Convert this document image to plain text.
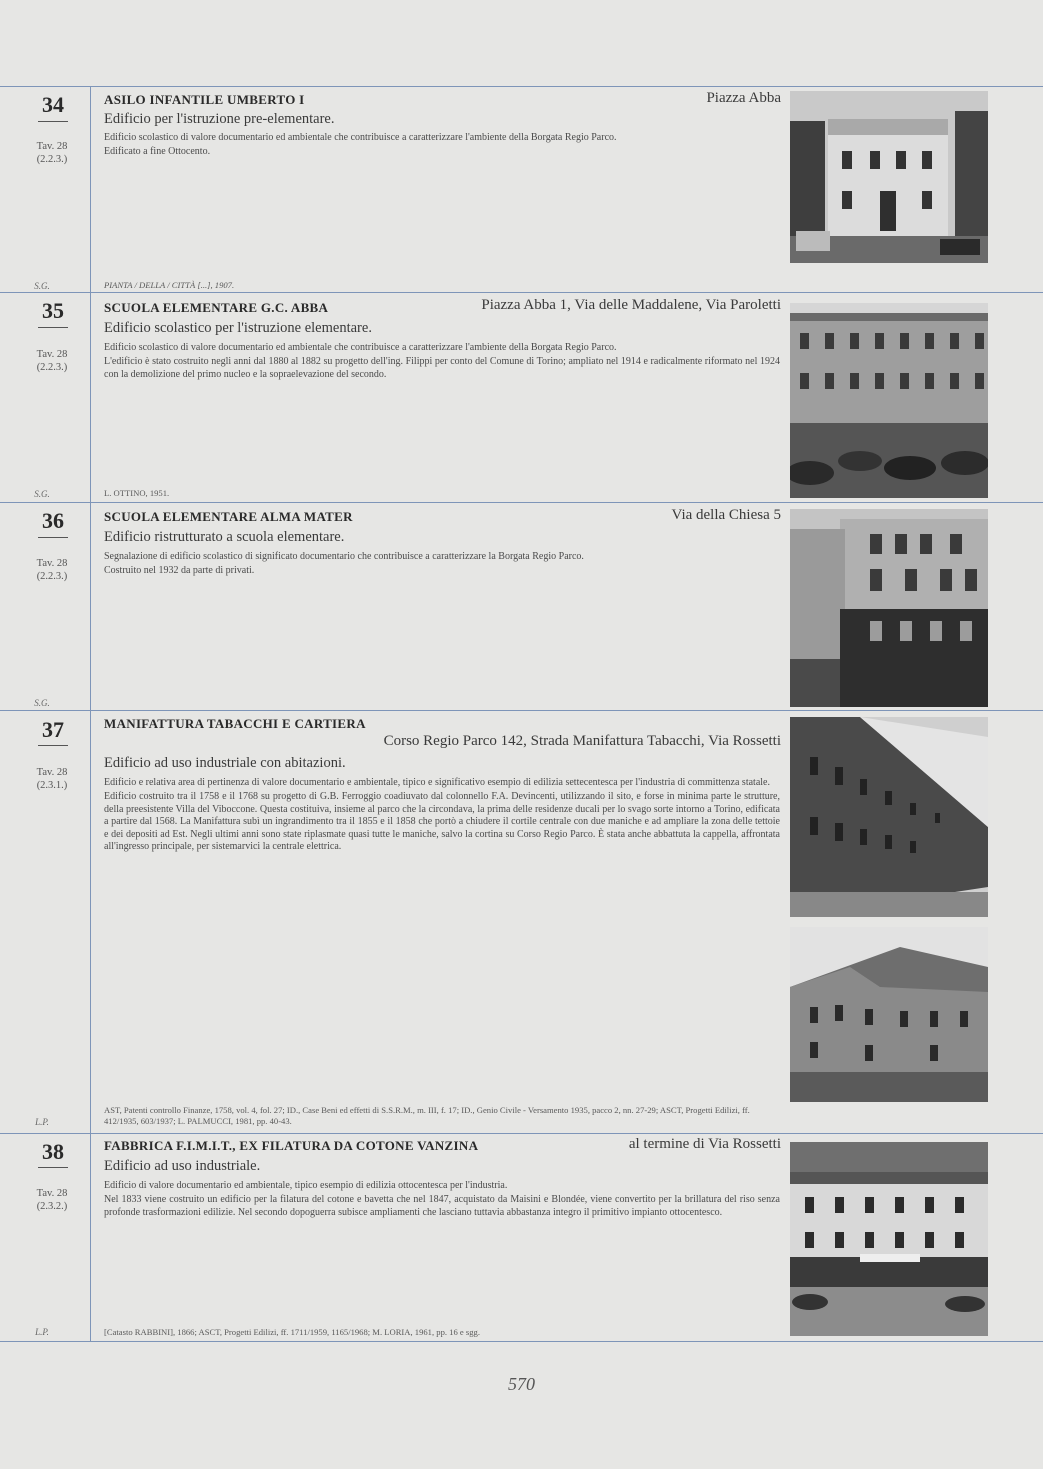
34
Tav. 28
(2.2.3.)
S.G.
ASILO INFANTILE UMBERTO I	Piazza Abba
Edificio per l'istruzione pre-elementare.

Edificio scolastico di valore documentario ed ambientale che contribuisce a caratterizzare l'ambiente della Borgata Regio Parco.

Edificato a fine Ottocento.

PIANTA / DELLA / CITTÀ [...], 1907.
35
Tav. 28
(2.2.3.)
S.G.
SCUOLA ELEMENTARE G.C. ABBA	Piazza Abba 1, Via delle Maddalene, Via Paroletti
Edificio scolastico per l'istruzione elementare.

Edificio scolastico di valore documentario ed ambientale che contribuisce a caratterizzare l'ambiente della Borgata Regio Parco.

L'edificio è stato costruito negli anni dal 1880 al 1882 su progetto dell'ing. Filippi per conto del Comune di Torino; ampliato nel 1914 e radicalmente riformato nel 1924 con la demolizione del primo nucleo e la sopraelevazione del secondo.

L. OTTINO, 1951.
36
Tav. 28
(2.2.3.)
S.G.
SCUOLA ELEMENTARE ALMA MATER	Via della Chiesa 5
Edificio ristrutturato a scuola elementare.

Segnalazione di edificio scolastico di significato documentario che contribuisce a caratterizzare la Borgata Regio Parco.

Costruito nel 1932 da parte di privati.

37
Tav. 28
(2.3.1.)
L.P.
MANIFATTURA TABACCHI E CARTIERA
Corso Regio Parco 142, Strada Manifattura Tabacchi, Via Rossetti
Edificio ad uso industriale con abitazioni.

Edificio e relativa area di pertinenza di valore documentario e ambientale, tipico e significativo esempio di edilizia settecentesca per l'industria di committenza statale.

Edificio costruito tra il 1758 e il 1768 su progetto di G.B. Ferroggio coadiuvato dal colonnello F.A. Devincenti, utilizzando il sito, e forse in minima parte le strutture, della preesistente Villa del Viboccone. Questa costituiva, insieme al parco che la circondava, la prima delle residenze ducali per lo svago sorte intorno a Torino, edificata a partire dal 1568. La Manifattura subì un ingrandimento tra il 1855 e il 1858 che portò a chiudere il cortile centrale con due maniche e ad ampliare la zona delle tettoie e dei depositi ad Est. Negli ultimi anni sono state riplasmate quasi tutte le maniche, salvo la cortina su Corso Regio Parco. È stata anche abbattuta la cappella, affrontata all'ingresso principale, per sistemarvici la centrale elettrica.

AST, Patenti controllo Finanze, 1758, vol. 4, fol. 27; ID., Case Beni ed effetti di S.S.R.M., m. III, f. 17; ID., Genio Civile - Versamento 1935, pacco 2, nn. 27-29; ASCT, Progetti Edilizi, ff. 412/1935, 603/1937; L. PALMUCCI, 1981, pp. 40-43.
38
Tav. 28
(2.3.2.)
L.P.
FABBRICA F.I.M.I.T., EX FILATURA DA COTONE VANZINA	al termine di Via Rossetti
Edificio ad uso industriale.

Edificio di valore documentario ed ambientale, tipico esempio di edilizia ottocentesca per l'industria.

Nel 1833 viene costruito un edificio per la filatura del cotone e bavetta che nel 1847, acquistato da Maisini e Blondée, viene convertito per la brillatura del riso senza profonde trasformazioni edilizie. Nel secondo dopoguerra subisce ampliamenti che lasciano tuttavia abbastanza integro il primitivo impianto ottocentesco.

[Catasto RABBINI], 1866; ASCT, Progetti Edilizi, ff. 1711/1959, 1165/1968; M. LORIA, 1961, pp. 16 e sgg.
570
